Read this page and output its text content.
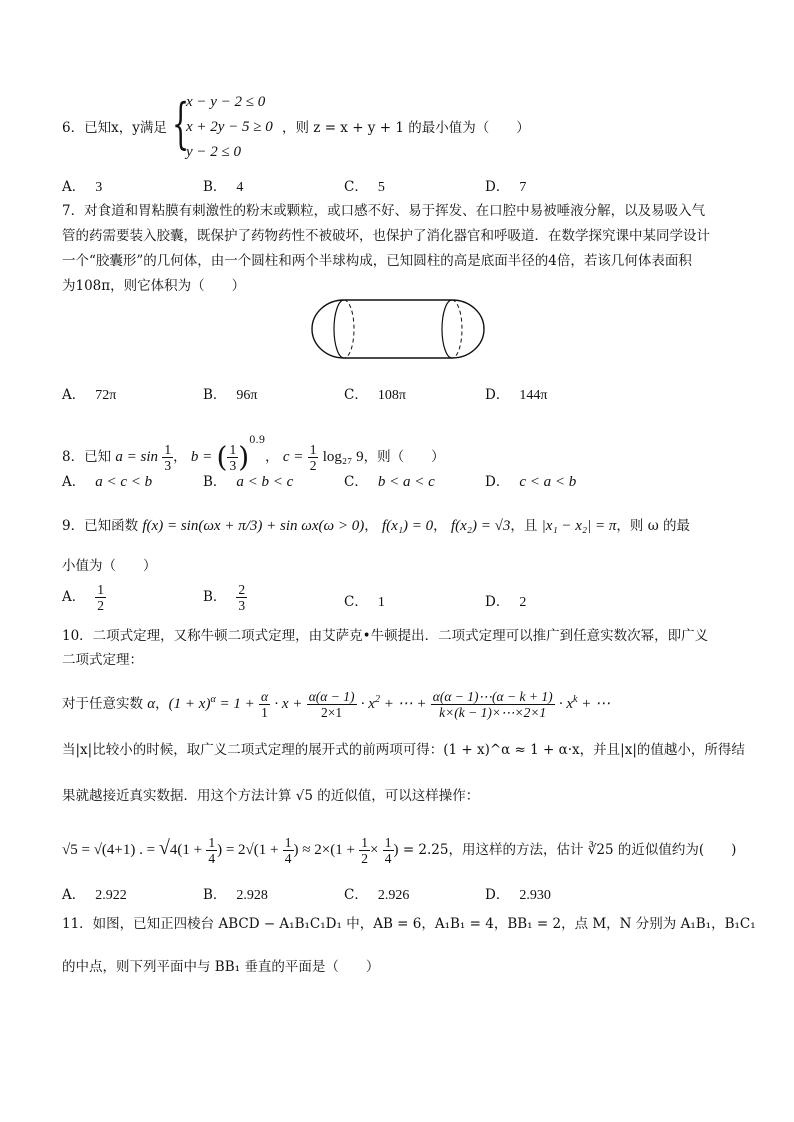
6．已知x，y满足 {
x − y − 2 ≤ 0
x + 2y − 5 ≥ 0
y − 2 ≤ 0
，则 z = x + y + 1 的最小值为（　　）
A． 3	B． 4	C． 5	D． 7
7．对食道和胃粘膜有刺激性的粉末或颗粒，或口感不好、易于挥发、在口腔中易被唾液分解，以及易吸入气
管的药需要装入胶囊，既保护了药物药性不被破坏，也保护了消化器官和呼吸道．在数学探究课中某同学设计
一个“胶囊形”的几何体，由一个圆柱和两个半球构成，已知圆柱的高是底面半径的4倍，若该几何体表面积
为108π，则它体积为（　　）
A． 72π	B． 96π	C． 108π	D． 144π
8．已知 $a = \sin \frac{1}{3}$ ， b = ( $\frac{1}{3} )^{0.9}$， $c = \frac{1}{2} \log_{27}$ 9，则（　　）
A． a < c < b	B． a < b < c	C． b < a < c	D． c < a < b
9．已知函数 f(x) = sin(ωx + π/3) + sin ωx(ω > 0)， f(x₁) = 0， f(x₂) = √3，且 |x₁ − x₂| = π，则 ω 的最
小值为（　　）
A． $\frac{1}{2}$	B． $\frac{2}{3}$	C． 1	D． 2
10．二项式定理，又称牛顿二项式定理，由艾萨克•牛顿提出．二项式定理可以推广到任意实数次幂，即广义
二项式定理：
对于任意实数 α，$(1 + x)^\alpha = 1 + \frac{\alpha}{1} \cdot x + \frac{\alpha(\alpha - 1)}{2\times 1} \cdot x^2$ + ⋯ + $\frac{\alpha(\alpha - 1)\cdots(\alpha - k + 1)}{k\times(k - 1)\times\cdots\times 2\times 1} \cdot x^k$ + ⋯
当|x|比较小的时候，取广义二项式定理的展开式的前两项可得：(1 + x)^α ≈ 1 + α·x，并且|x|的值越小，所得结
果就越接近真实数据．用这个方法计算 √5 的近似值，可以这样操作：
√5 = √(4+1) . = $√4(1 + \frac{1}{4}$ ) = $2√(1 + \frac{1}{4}$ ) ≈ $2\times(1 + \frac{1}{2} \times \frac{1}{4}$ ) = 2.25，用这样的方法，估计 ∛25 的近似值约为(　　)
A． 2.922	B． 2.928	C． 2.926	D． 2.930
11．如图，已知正四棱台 ABCD − A₁B₁C₁D₁ 中，AB = 6，A₁B₁ = 4，BB₁ = 2，点 M，N 分别为 A₁B₁，B₁C₁
的中点，则下列平面中与 BB₁ 垂直的平面是（　　）
